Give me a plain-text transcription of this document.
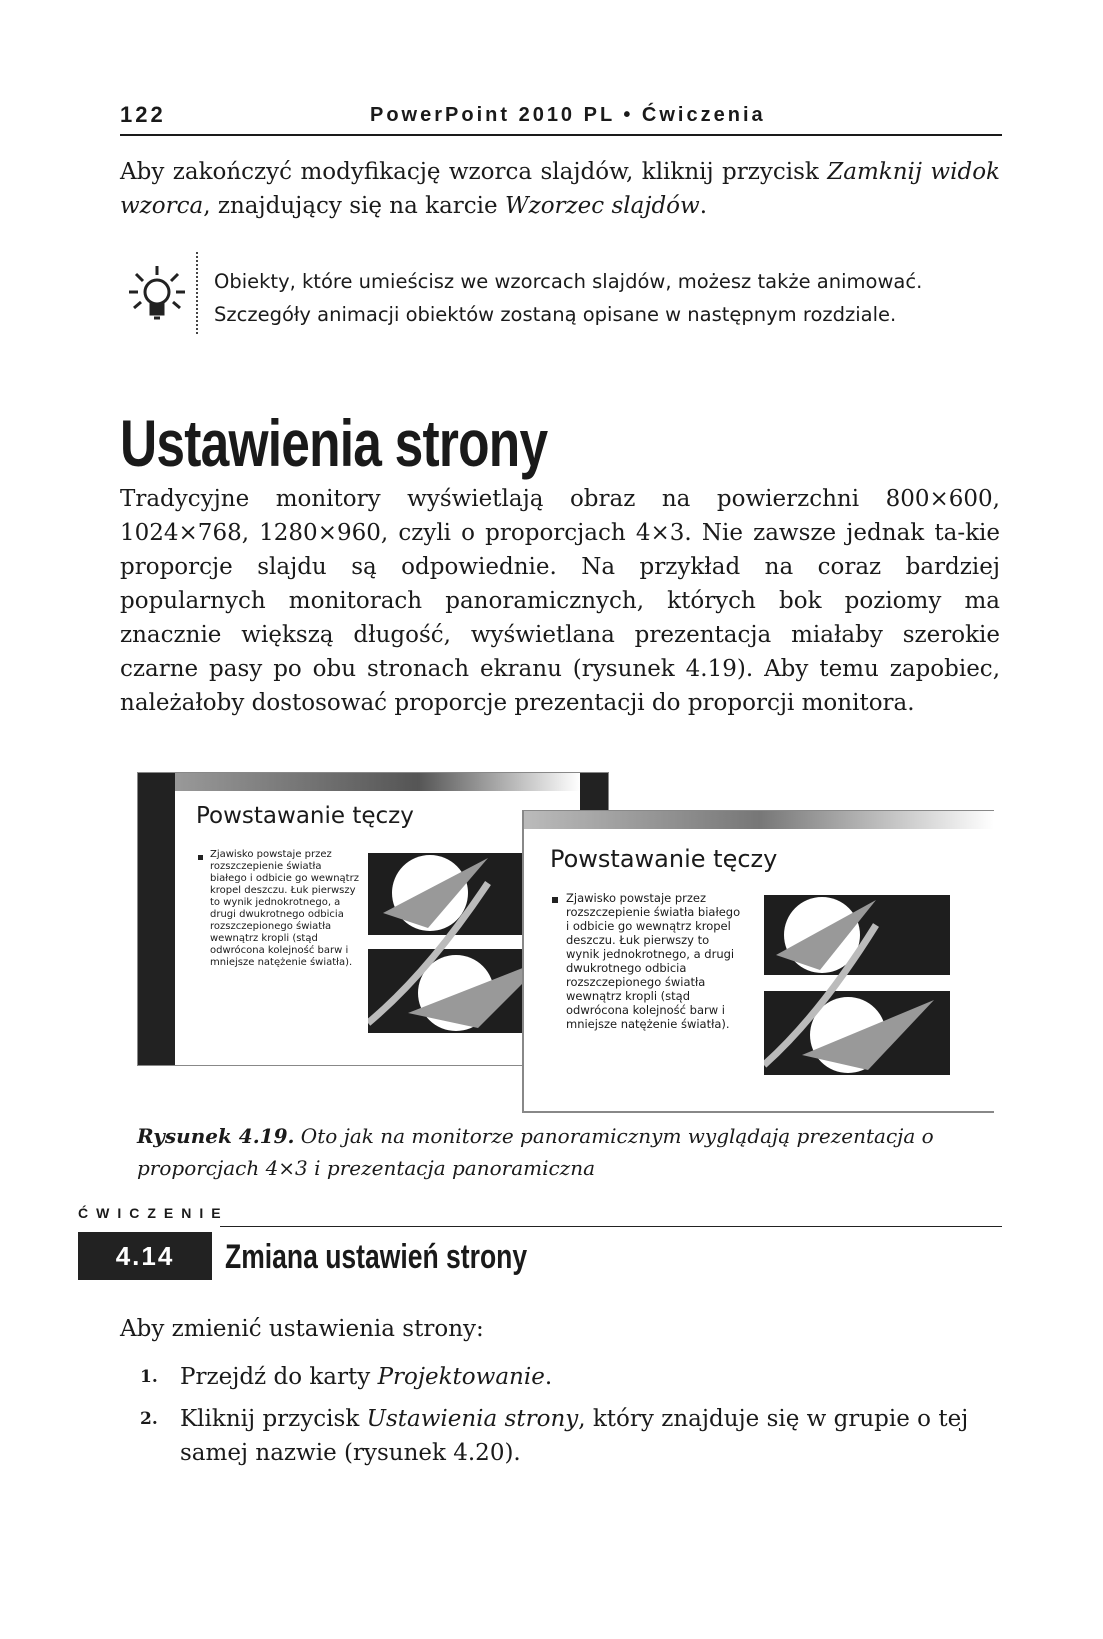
122	PowerPoint 2010 PL • Ćwiczenia

Aby zakończyć modyfikację wzorca slajdów, kliknij przycisk Zamknij widok wzorca, znajdujący się na karcie Wzorzec slajdów.

Obiekty, które umieścisz we wzorcach slajdów, możesz także animować.
Szczegóły animacji obiektów zostaną opisane w następnym rozdziale.
Ustawienia strony

Tradycyjne monitory wyświetlają obraz na powierzchni 800×600, 1024×768, 1280×960, czyli o proporcjach 4×3. Nie zawsze jednak ta-kie proporcje slajdu są odpowiednie. Na przykład na coraz bardziej popularnych monitorach panoramicznych, których bok poziomy ma znacznie większą długość, wyświetlana prezentacja miałaby szerokie czarne pasy po obu stronach ekranu (rysunek 4.19). Aby temu zapobiec, należałoby dostosować proporcje prezentacji do proporcji monitora.

Powstawanie tęczy
Zjawisko powstaje przez rozszczepienie światła białego i odbicie go wewnątrz kropel deszczu. Łuk pierwszy to wynik jednokrotnego, a drugi dwukrotnego odbicia rozszczepionego światła wewnątrz kropli (stąd odwrócona kolejność barw i mniejsze natężenie światła).
Powstawanie tęczy
Zjawisko powstaje przez rozszczepienie światła białego i odbicie go wewnątrz kropel deszczu. Łuk pierwszy to wynik jednokrotnego, a drugi dwukrotnego odbicia rozszczepionego światła wewnątrz kropli (stąd odwrócona kolejność barw i mniejsze natężenie światła).
Rysunek 4.19. Oto jak na monitorze panoramicznym wyglądają prezentacja o proporcjach 4×3 i prezentacja panoramiczna
ĆWICZENIE
4.14	Zmiana ustawień strony

Aby zmienić ustawienia strony:

1. Przejdź do karty Projektowanie.
2. Kliknij przycisk Ustawienia strony, który znajduje się w grupie o tej samej nazwie (rysunek 4.20).
